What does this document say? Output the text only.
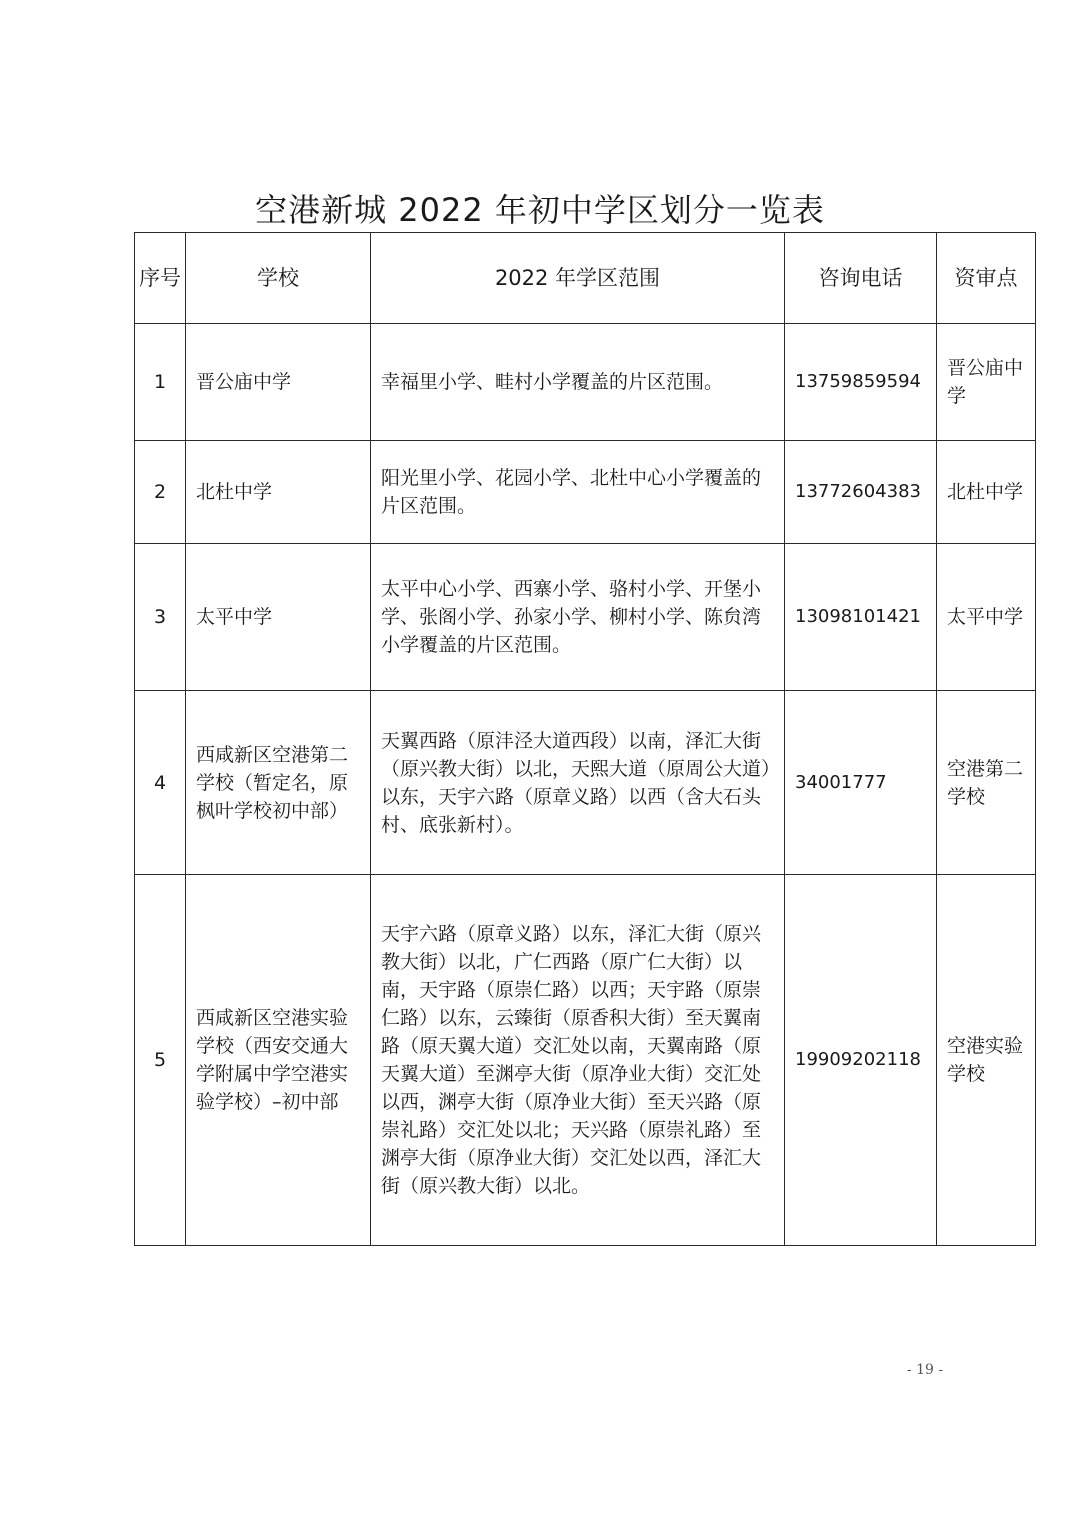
空港新城 2022 年初中学区划分一览表
序号	学校	2022 年学区范围	咨询电话	资审点
1	晋公庙中学	幸福里小学、畦村小学覆盖的片区范围。	13759859594	晋公庙中学
2	北杜中学	阳光里小学、花园小学、北杜中心小学覆盖的片区范围。	13772604383	北杜中学
3	太平中学	太平中心小学、西寨小学、骆村小学、开堡小学、张阁小学、孙家小学、柳村小学、陈贠湾小学覆盖的片区范围。	13098101421	太平中学
4	西咸新区空港第二学校（暂定名，原枫叶学校初中部）	天翼西路（原沣泾大道西段）以南，泽汇大街（原兴教大街）以北，天熙大道（原周公大道）以东，天宇六路（原章义路）以西（含大石头村、底张新村）。	34001777	空港第二学校
5	西咸新区空港实验学校（西安交通大学附属中学空港实验学校）–初中部	天宇六路（原章义路）以东，泽汇大街（原兴教大街）以北，广仁西路（原广仁大街）以南，天宇路（原崇仁路）以西；天宇路（原崇仁路）以东，云臻街（原香积大街）至天翼南路（原天翼大道）交汇处以南，天翼南路（原天翼大道）至渊亭大街（原净业大街）交汇处以西，渊亭大街（原净业大街）至天兴路（原崇礼路）交汇处以北；天兴路（原崇礼路）至渊亭大街（原净业大街）交汇处以西，泽汇大街（原兴教大街）以北。	19909202118	空港实验学校
- 19 -
